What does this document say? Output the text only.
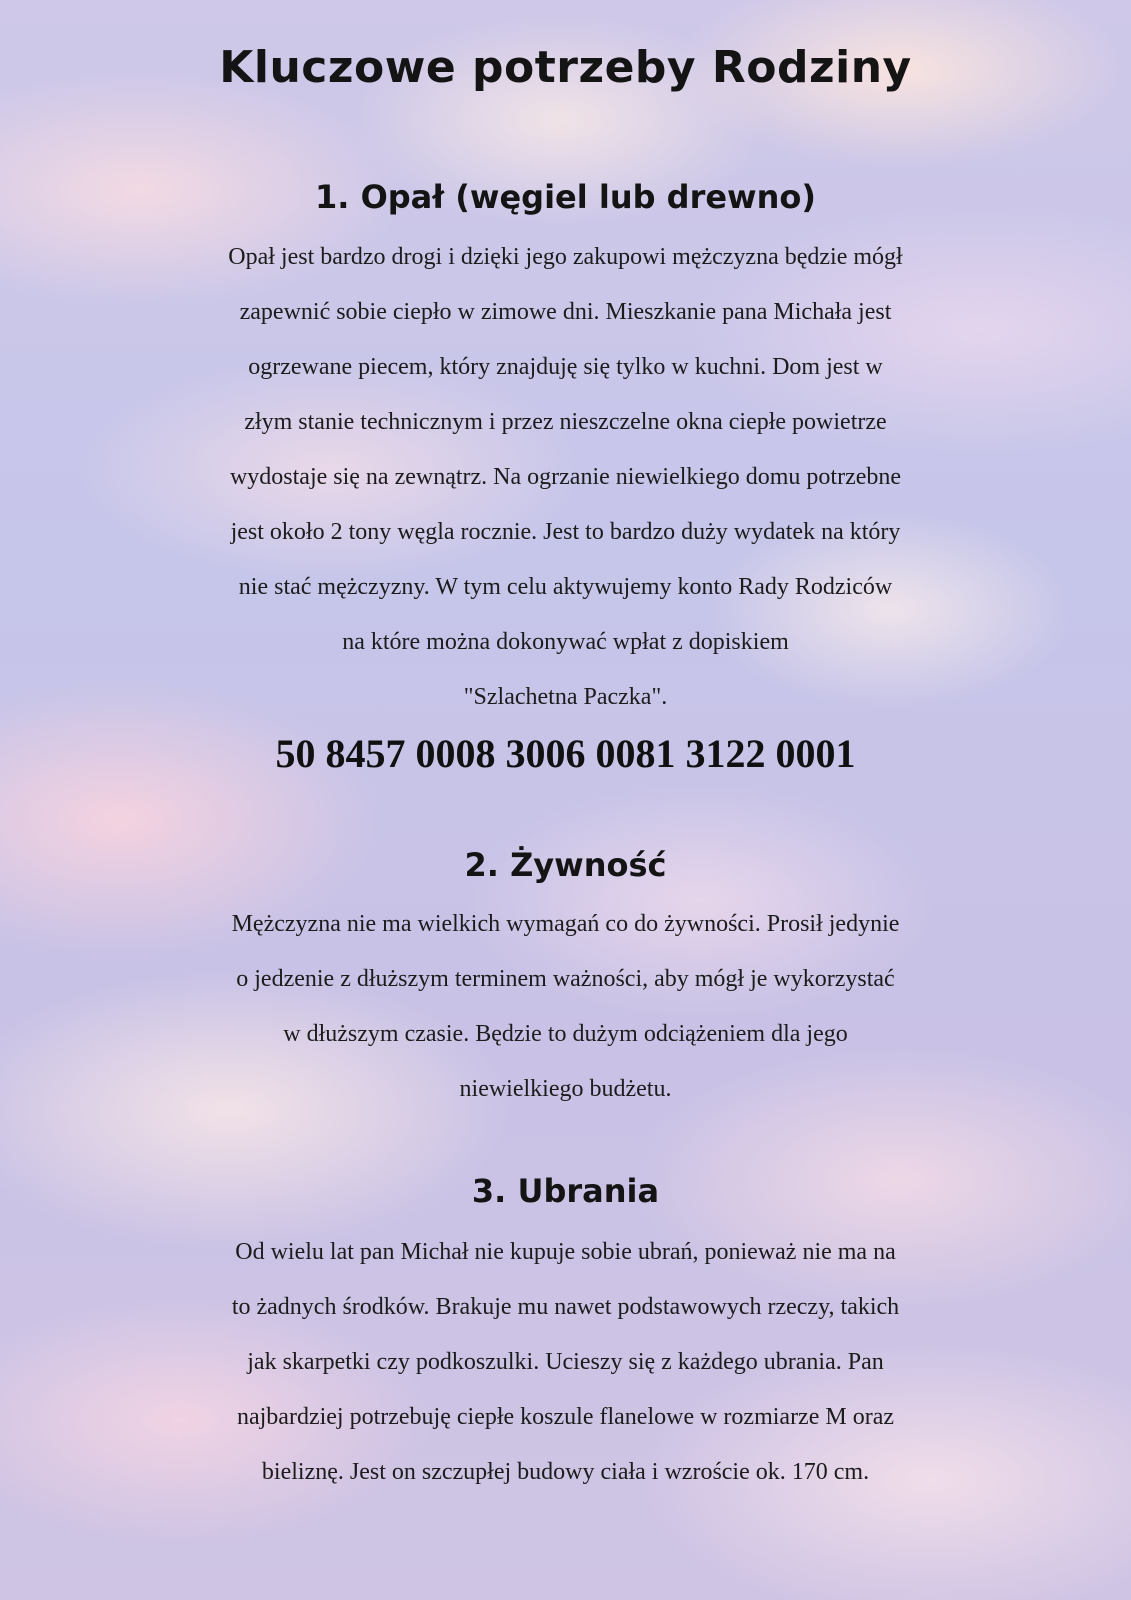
Kluczowe potrzeby Rodziny
1. Opał (węgiel lub drewno)

Opał jest bardzo drogi i dzięki jego zakupowi mężczyzna będzie mógł
zapewnić sobie ciepło w zimowe dni. Mieszkanie pana Michała jest
ogrzewane piecem, który znajduję się tylko w kuchni. Dom jest w
złym stanie technicznym i przez nieszczelne okna ciepłe powietrze
wydostaje się na zewnątrz. Na ogrzanie niewielkiego domu potrzebne
jest około 2 tony węgla rocznie. Jest to bardzo duży wydatek na który
nie stać mężczyzny. W tym celu aktywujemy konto Rady Rodziców
na które można dokonywać wpłat z dopiskiem
"Szlachetna Paczka".

50 8457 0008 3006 0081 3122 0001

2. Żywność

Mężczyzna nie ma wielkich wymagań co do żywności. Prosił jedynie
o jedzenie z dłuższym terminem ważności, aby mógł je wykorzystać
w dłuższym czasie. Będzie to dużym odciążeniem dla jego
niewielkiego budżetu.

3. Ubrania

Od wielu lat pan Michał nie kupuje sobie ubrań, ponieważ nie ma na
to żadnych środków. Brakuje mu nawet podstawowych rzeczy, takich
jak skarpetki czy podkoszulki. Ucieszy się z każdego ubrania. Pan
najbardziej potrzebuję ciepłe koszule flanelowe w rozmiarze M oraz
bieliznę. Jest on szczupłej budowy ciała i wzroście ok. 170 cm.
